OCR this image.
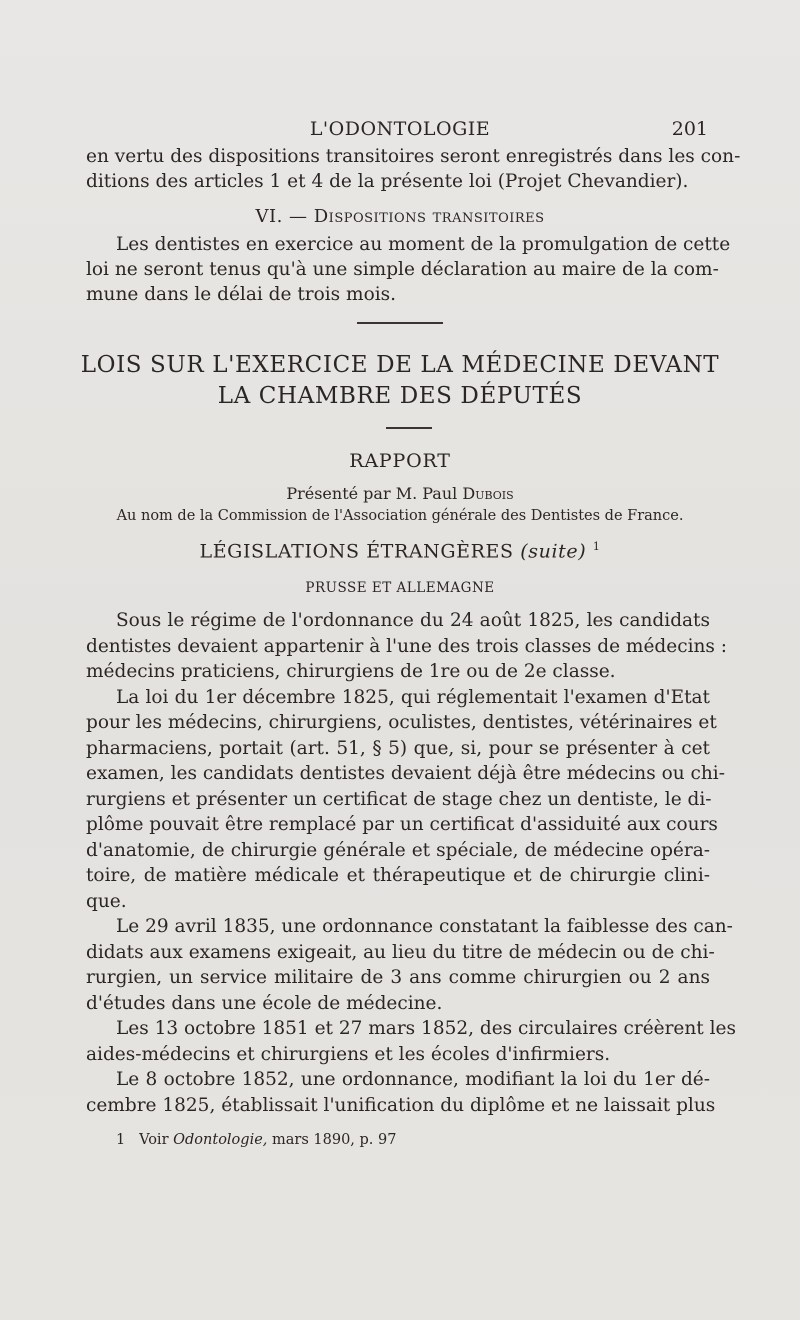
L'ODONTOLOGIE	201
en vertu des dispositions transitoires seront enregistrés dans les con-
ditions des articles 1 et 4 de la présente loi (Projet Chevandier).
VI. — Dispositions transitoires
Les dentistes en exercice au moment de la promulgation de cette
loi ne seront tenus qu'à une simple déclaration au maire de la com-
mune dans le délai de trois mois.
LOIS SUR L'EXERCICE DE LA MÉDECINE DEVANT
LA CHAMBRE DES DÉPUTÉS
RAPPORT
Présenté par M. Paul Dubois
Au nom de la Commission de l'Association générale des Dentistes de France.
LÉGISLATIONS ÉTRANGÈRES (suite) $^1$
PRUSSE ET ALLEMAGNE
Sous le régime de l'ordonnance du 24 août 1825, les candidats
dentistes devaient appartenir à l'une des trois classes de médecins :
médecins praticiens, chirurgiens de 1re ou de 2e classe.
La loi du 1er décembre 1825, qui réglementait l'examen d'Etat
pour les médecins, chirurgiens, oculistes, dentistes, vétérinaires et
pharmaciens, portait (art. 51, § 5) que, si, pour se présenter à cet
examen, les candidats dentistes devaient déjà être médecins ou chi-
rurgiens et présenter un certificat de stage chez un dentiste, le di-
plôme pouvait être remplacé par un certificat d'assiduité aux cours
d'anatomie, de chirurgie générale et spéciale, de médecine opéra-
toire, de matière médicale et thérapeutique et de chirurgie clini-
que.
Le 29 avril 1835, une ordonnance constatant la faiblesse des can-
didats aux examens exigeait, au lieu du titre de médecin ou de chi-
rurgien, un service militaire de 3 ans comme chirurgien ou 2 ans
d'études dans une école de médecine.
Les 13 octobre 1851 et 27 mars 1852, des circulaires créèrent les
aides-médecins et chirurgiens et les écoles d'infirmiers.
Le 8 octobre 1852, une ordonnance, modifiant la loi du 1er dé-
cembre 1825, établissait l'unification du diplôme et ne laissait plus
1 Voir Odontologie, mars 1890, p. 97
